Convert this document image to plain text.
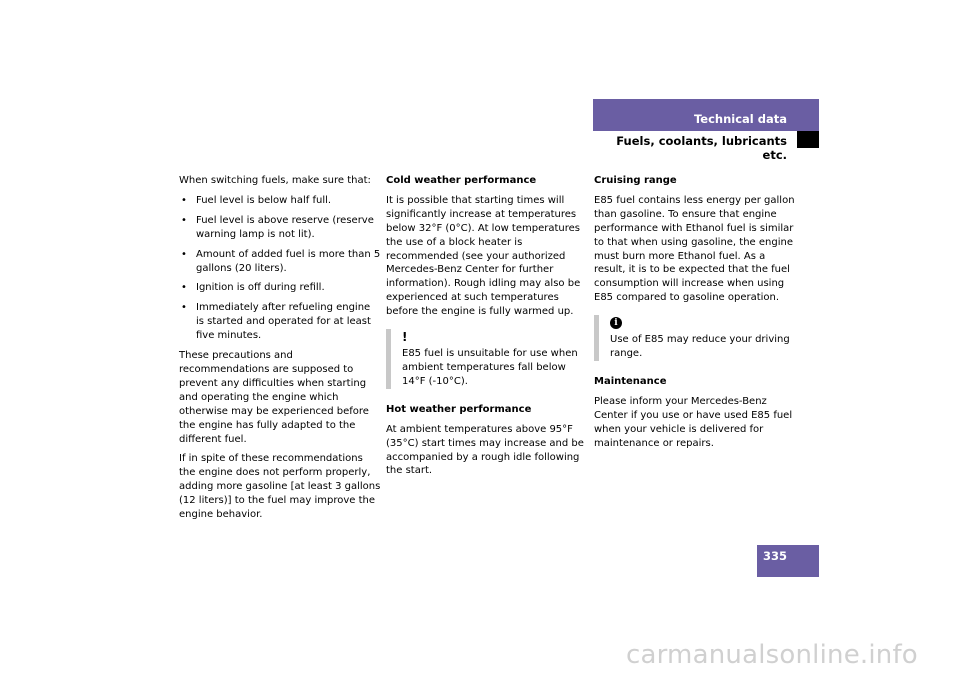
Technical data
Fuels, coolants, lubricants etc.

When switching fuels, make sure that:

• Fuel level is below half full.
• Fuel level is above reserve (reserve warning lamp is not lit).
• Amount of added fuel is more than 5 gallons (20 liters).
• Ignition is off during refill.
• Immediately after refueling engine is started and operated for at least five minutes.

These precautions and recommendations are supposed to prevent any difficulties when starting and operating the engine which otherwise may be experienced before the engine has fully adapted to the different fuel.

If in spite of these recommendations the engine does not perform properly, adding more gasoline [at least 3 gallons (12 liters)] to the fuel may improve the engine behavior.

Cold weather performance

It is possible that starting times will significantly increase at temperatures below 32°F (0°C). At low temperatures the use of a block heater is recommended (see your authorized Mercedes-Benz Center for further information). Rough idling may also be experienced at such temperatures before the engine is fully warmed up.

!
E85 fuel is unsuitable for use when ambient temperatures fall below 14°F (-10°C).

Hot weather performance

At ambient temperatures above 95°F (35°C) start times may increase and be accompanied by a rough idle following the start.

Cruising range

E85 fuel contains less energy per gallon than gasoline. To ensure that engine performance with Ethanol fuel is similar to that when using gasoline, the engine must burn more Ethanol fuel. As a result, it is to be expected that the fuel consumption will increase when using E85 compared to gasoline operation.

i
Use of E85 may reduce your driving range.

Maintenance

Please inform your Mercedes-Benz Center if you use or have used E85 fuel when your vehicle is delivered for maintenance or repairs.

335
carmanualsonline.info
